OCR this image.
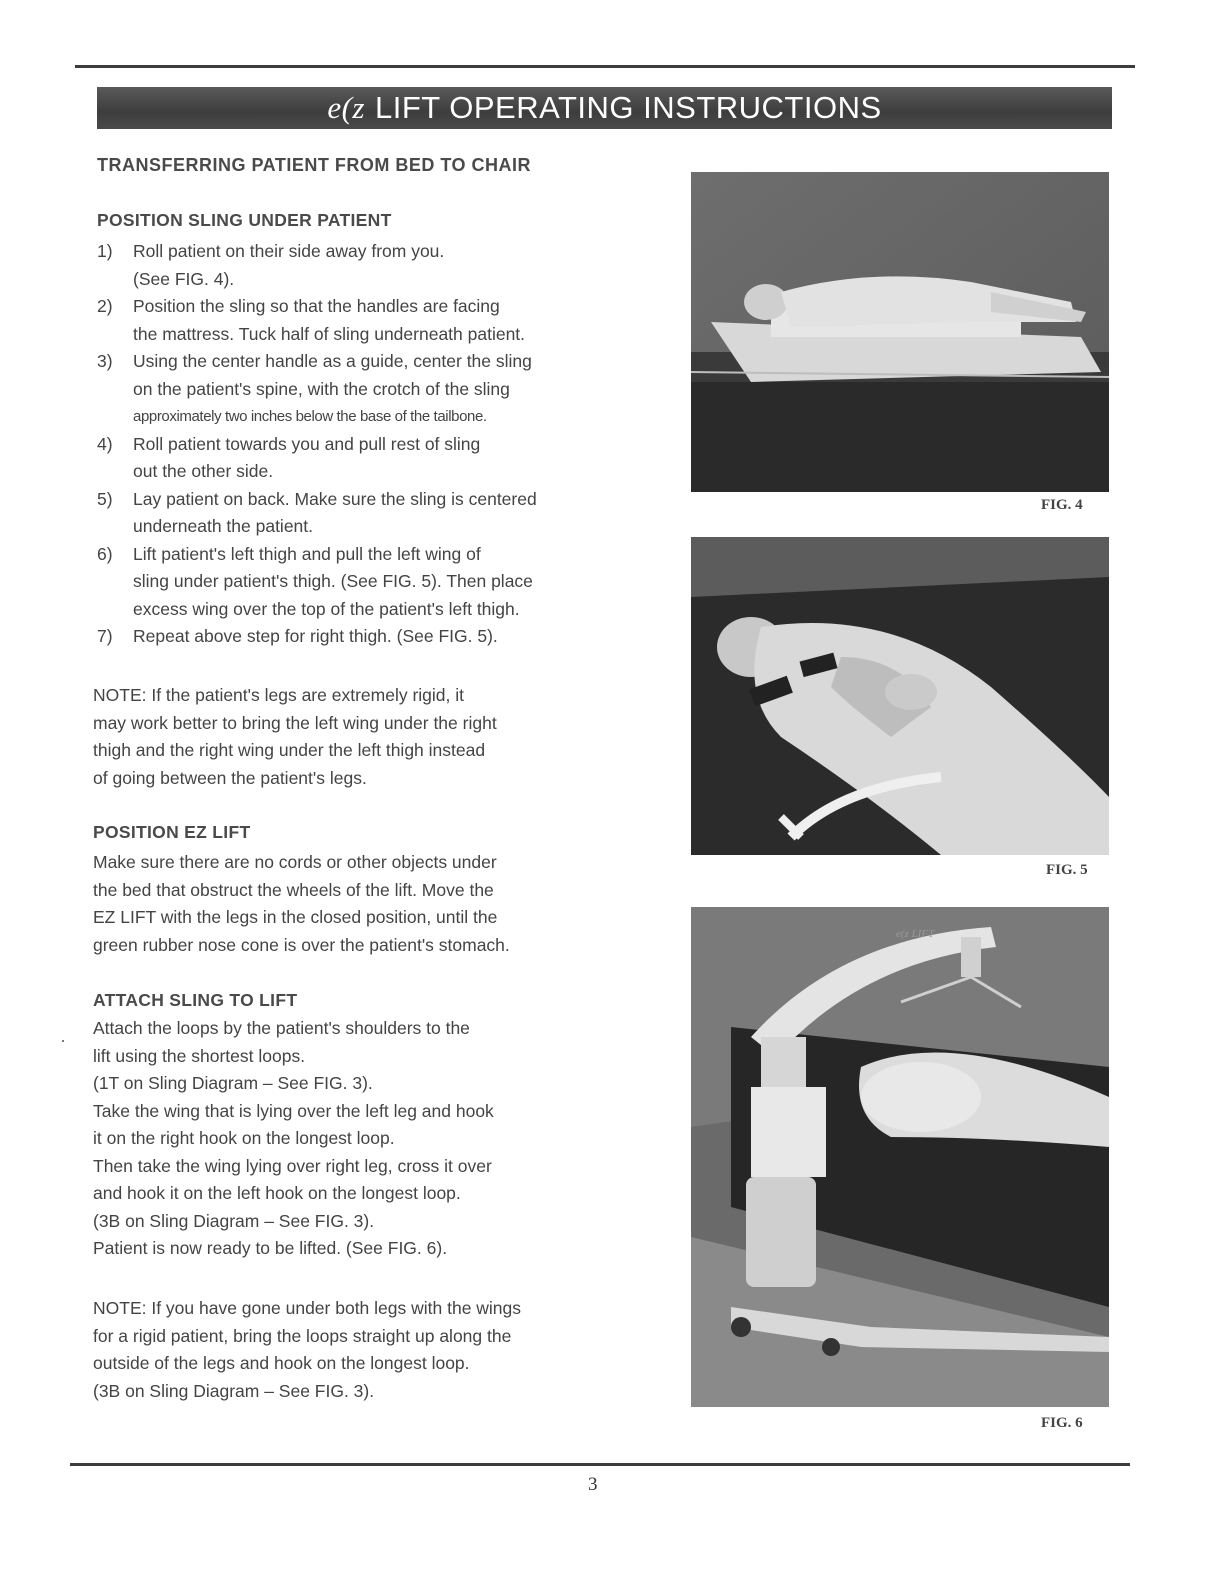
e(z LIFT OPERATING INSTRUCTIONS
TRANSFERRING PATIENT FROM BED TO CHAIR
POSITION SLING UNDER PATIENT
1) Roll patient on their side away from you.
(See FIG. 4).
2) Position the sling so that the handles are facing
the mattress. Tuck half of sling underneath patient.
3) Using the center handle as a guide, center the sling
on the patient's spine, with the crotch of the sling
approximately two inches below the base of the tailbone.
4) Roll patient towards you and pull rest of sling
out the other side.
5) Lay patient on back. Make sure the sling is centered
underneath the patient.
6) Lift patient's left thigh and pull the left wing of
sling under patient's thigh. (See FIG. 5). Then place
excess wing over the top of the patient's left thigh.
7) Repeat above step for right thigh. (See FIG. 5).
NOTE: If the patient's legs are extremely rigid, it
may work better to bring the left wing under the right
thigh and the right wing under the left thigh instead
of going between the patient's legs.
POSITION EZ LIFT
Make sure there are no cords or other objects under
the bed that obstruct the wheels of the lift. Move the
EZ LIFT with the legs in the closed position, until the
green rubber nose cone is over the patient's stomach.
ATTACH SLING TO LIFT
Attach the loops by the patient's shoulders to the
lift using the shortest loops.
(1T on Sling Diagram – See FIG. 3).
Take the wing that is lying over the left leg and hook
it on the right hook on the longest loop.
Then take the wing lying over right leg, cross it over
and hook it on the left hook on the longest loop.
(3B on Sling Diagram – See FIG. 3).
Patient is now ready to be lifted. (See FIG. 6).
NOTE: If you have gone under both legs with the wings
for a rigid patient, bring the loops straight up along the
outside of the legs and hook on the longest loop.
(3B on Sling Diagram – See FIG. 3).
FIG. 4
FIG. 5
e(z LIFT
FIG. 6
3
